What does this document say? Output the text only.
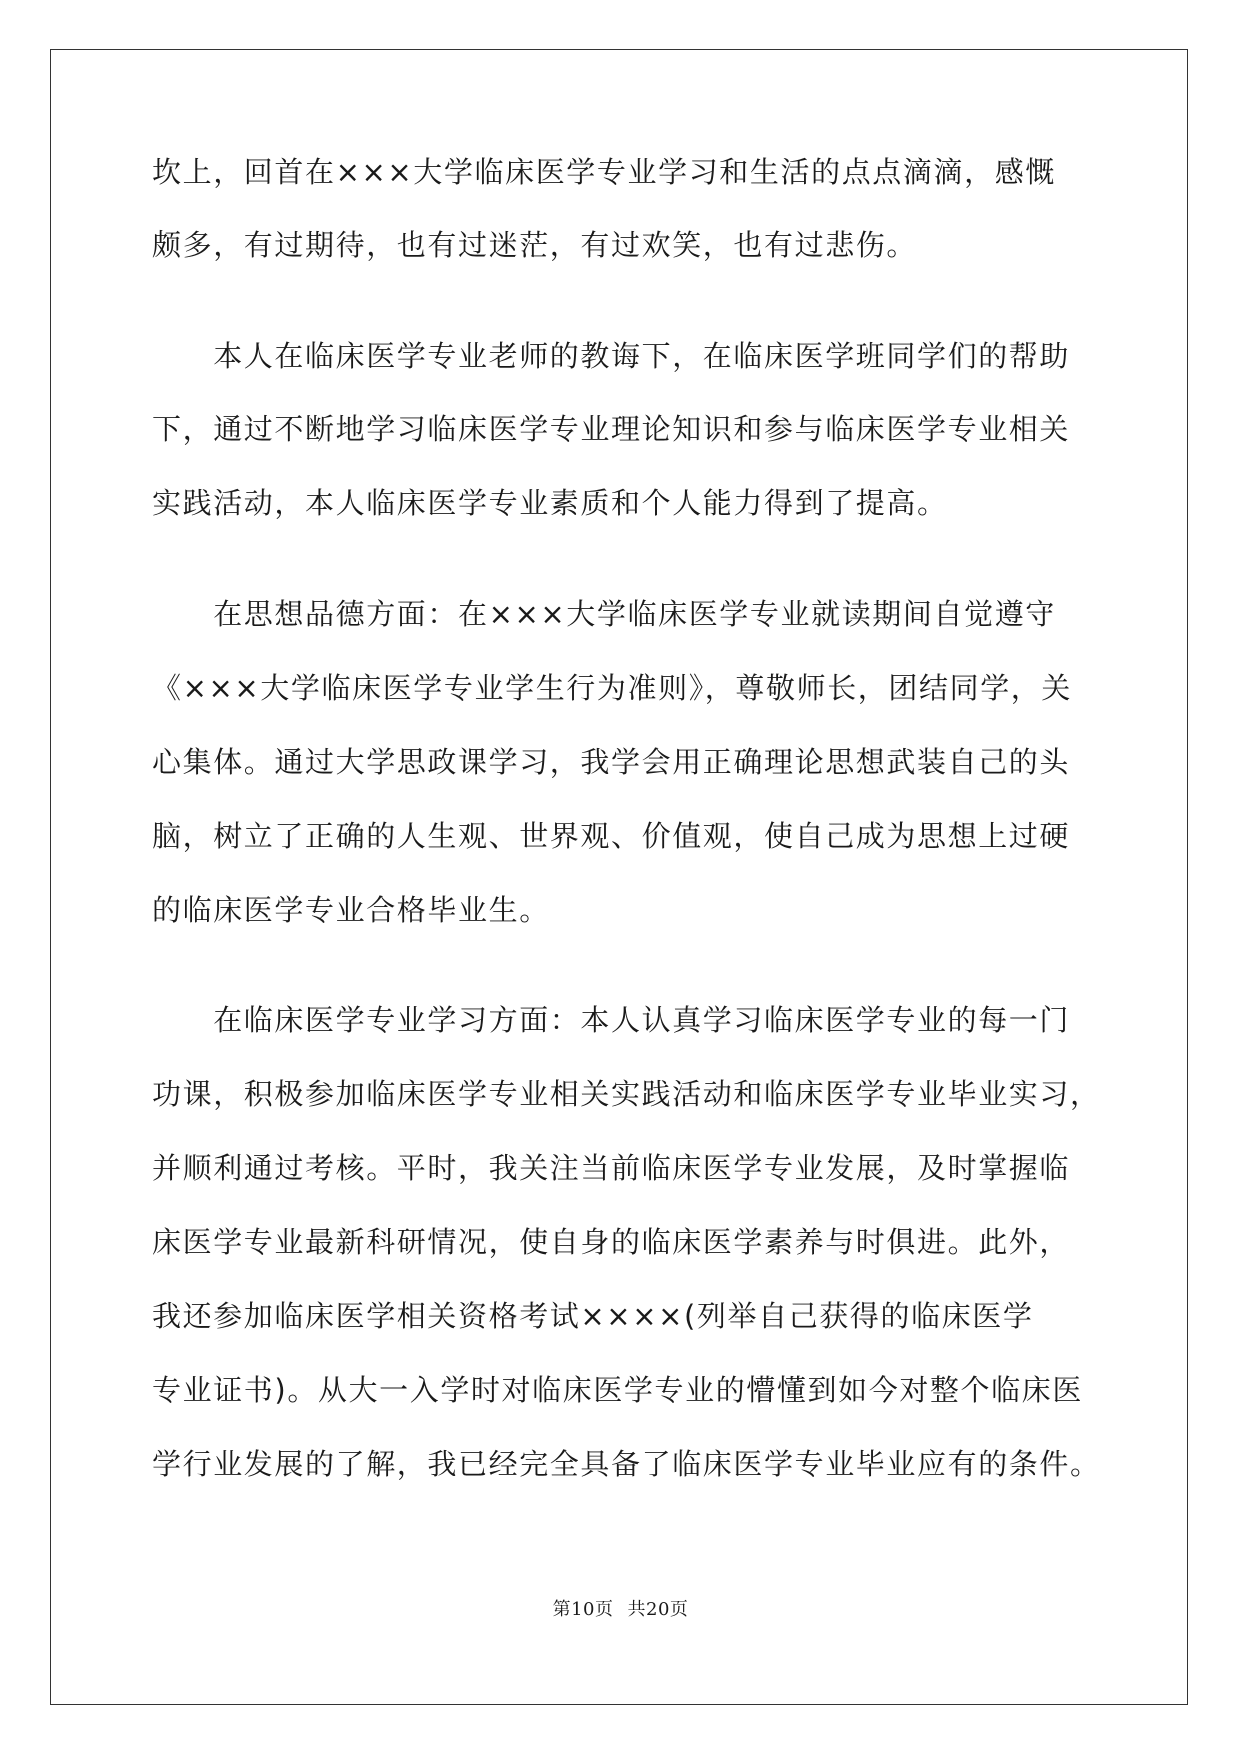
坎上，回首在×××大学临床医学专业学习和生活的点点滴滴，感慨
颇多，有过期待，也有过迷茫，有过欢笑，也有过悲伤。
　　本人在临床医学专业老师的教诲下，在临床医学班同学们的帮助
下，通过不断地学习临床医学专业理论知识和参与临床医学专业相关
实践活动，本人临床医学专业素质和个人能力得到了提高。
　　在思想品德方面：在×××大学临床医学专业就读期间自觉遵守
《×××大学临床医学专业学生行为准则》，尊敬师长，团结同学，关
心集体。通过大学思政课学习，我学会用正确理论思想武装自己的头
脑，树立了正确的人生观、世界观、价值观，使自己成为思想上过硬
的临床医学专业合格毕业生。
　　在临床医学专业学习方面：本人认真学习临床医学专业的每一门
功课，积极参加临床医学专业相关实践活动和临床医学专业毕业实习，
并顺利通过考核。平时，我关注当前临床医学专业发展，及时掌握临
床医学专业最新科研情况，使自身的临床医学素养与时俱进。此外，
我还参加临床医学相关资格考试××××(列举自己获得的临床医学
专业证书)。从大一入学时对临床医学专业的懵懂到如今对整个临床医
学行业发展的了解，我已经完全具备了临床医学专业毕业应有的条件。
第10页 共20页
